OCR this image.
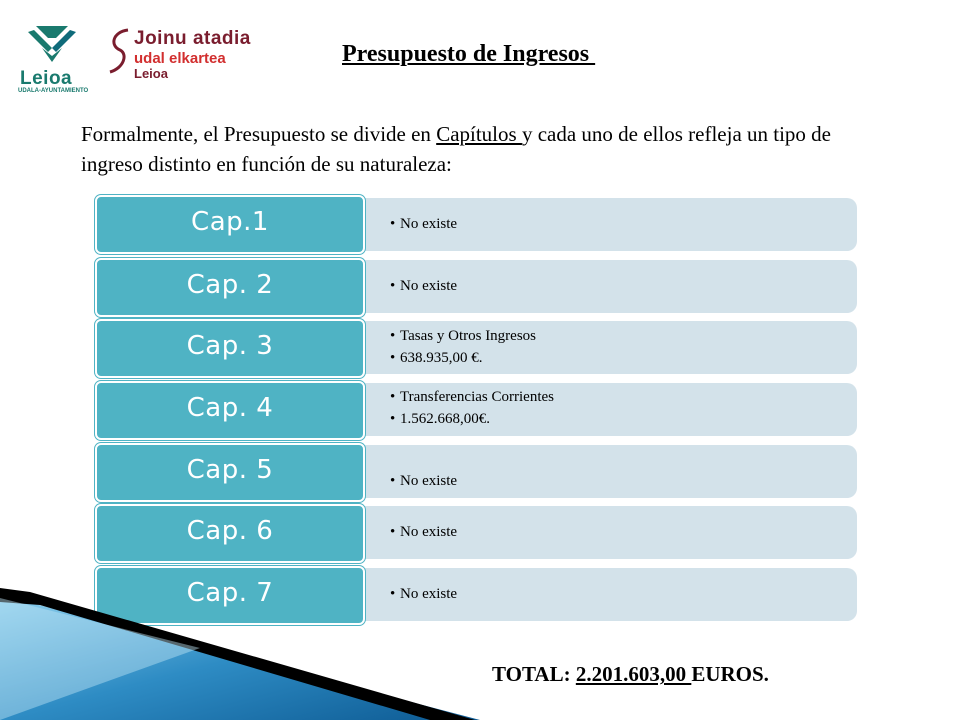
Leioa
UDALA-AYUNTAMIENTO
Joinu atadia
udal elkartea
Leioa
Presupuesto de Ingresos
Formalmente, el Presupuesto se divide en Capítulos y cada uno de ellos refleja un tipo de ingreso distinto en función de su naturaleza:
• No existe
Cap.1
• No existe
Cap. 2
• Tasas y Otros Ingresos
• 638.935,00 €.
Cap. 3
• Transferencias Corrientes
• 1.562.668,00€.
Cap. 4
• No existe
Cap. 5
• No existe
Cap. 6
• No existe
Cap. 7
TOTAL: 2.201.603,00 EUROS.
